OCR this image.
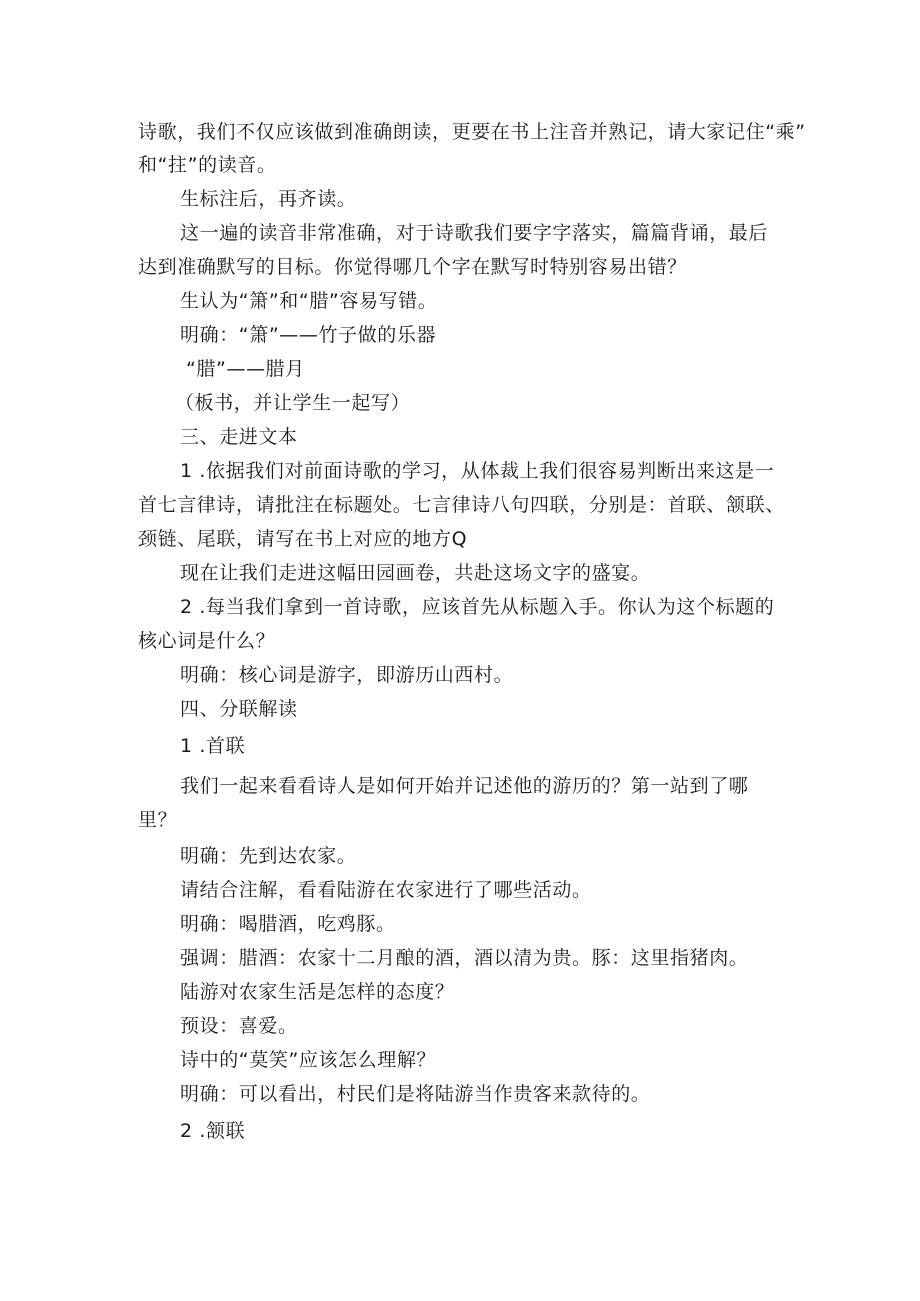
诗歌，我们不仅应该做到准确朗读，更要在书上注音并熟记，请大家记住“乘”
和“拄”的读音。
生标注后，再齐读。
这一遍的读音非常准确，对于诗歌我们要字字落实，篇篇背诵，最后
达到准确默写的目标。你觉得哪几个字在默写时特别容易出错？
生认为“箫”和“腊”容易写错。
明确：“箫”——竹子做的乐器
“腊”——腊月
（板书，并让学生一起写）
三、走进文本
1 .依据我们对前面诗歌的学习，从体裁上我们很容易判断出来这是一
首七言律诗，请批注在标题处。七言律诗八句四联，分别是：首联、颔联、
颈链、尾联，请写在书上对应的地方Q
现在让我们走进这幅田园画卷，共赴这场文字的盛宴。
2 .每当我们拿到一首诗歌，应该首先从标题入手。你认为这个标题的
核心词是什么？
明确：核心词是游字，即游历山西村。
四、分联解读
1 .首联
我们一起来看看诗人是如何开始并记述他的游历的？第一站到了哪
里？
明确：先到达农家。
请结合注解，看看陆游在农家进行了哪些活动。
明确：喝腊酒，吃鸡豚。
强调：腊酒：农家十二月酿的酒，酒以清为贵。豚：这里指猪肉。
陆游对农家生活是怎样的态度？
预设：喜爱。
诗中的“莫笑”应该怎么理解？
明确：可以看出，村民们是将陆游当作贵客来款待的。
2 .颔联
